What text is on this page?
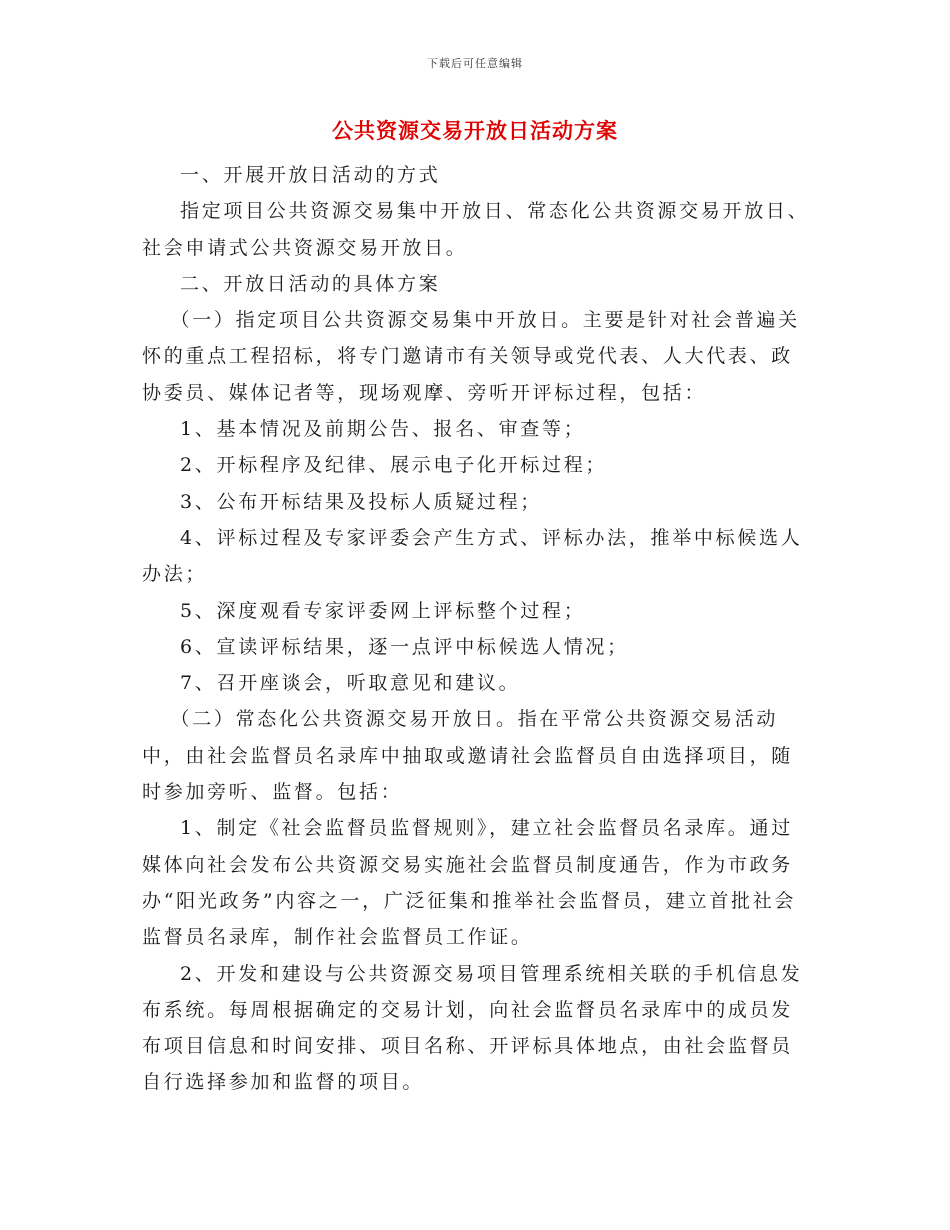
下载后可任意编辑
公共资源交易开放日活动方案

一、开展开放日活动的方式

指定项目公共资源交易集中开放日、常态化公共资源交易开放日、社会申请式公共资源交易开放日。

二、开放日活动的具体方案

（一）指定项目公共资源交易集中开放日。主要是针对社会普遍关怀的重点工程招标，将专门邀请市有关领导或党代表、人大代表、政协委员、媒体记者等，现场观摩、旁听开评标过程，包括：

1、基本情况及前期公告、报名、审查等；

2、开标程序及纪律、展示电子化开标过程；

3、公布开标结果及投标人质疑过程；

4、评标过程及专家评委会产生方式、评标办法，推举中标候选人办法；

5、深度观看专家评委网上评标整个过程；

6、宣读评标结果，逐一点评中标候选人情况；

7、召开座谈会，听取意见和建议。

（二）常态化公共资源交易开放日。指在平常公共资源交易活动中，由社会监督员名录库中抽取或邀请社会监督员自由选择项目，随时参加旁听、监督。包括：

1、制定《社会监督员监督规则》，建立社会监督员名录库。通过媒体向社会发布公共资源交易实施社会监督员制度通告，作为市政务办“阳光政务”内容之一，广泛征集和推举社会监督员，建立首批社会监督员名录库，制作社会监督员工作证。

2、开发和建设与公共资源交易项目管理系统相关联的手机信息发布系统。每周根据确定的交易计划，向社会监督员名录库中的成员发布项目信息和时间安排、项目名称、开评标具体地点，由社会监督员自行选择参加和监督的项目。
